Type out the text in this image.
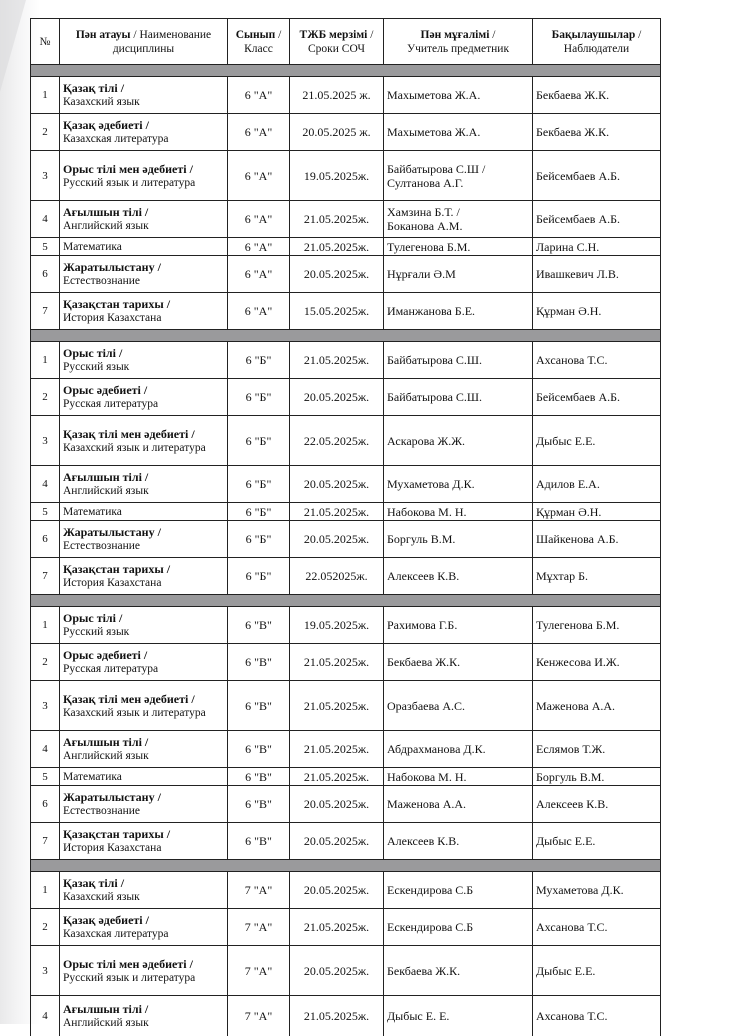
№	Пән атауы / Наименование дисциплины	Сынып /
Класс	ТЖБ мерзімі /
Сроки СОЧ	Пән мұғалімі /
Учитель предметник	Бақылаушылар /
Наблюдатели

1	Қазақ тілі /
Казахский язык	6 "А"	21.05.2025 ж.	Махыметова Ж.А.	Бекбаева Ж.К.
2	Қазақ әдебиеті /
Казахская литература	6 "А"	20.05.2025 ж.	Махыметова Ж.А.	Бекбаева Ж.К.
3	Орыс тілі мен әдебиеті /
Русский язык и литература	6 "А"	19.05.2025ж.	Байбатырова С.Ш /
Султанова А.Г.	Бейсембаев А.Б.
4	Ағылшын тілі /
Английский язык	6 "А"	21.05.2025ж.	Хамзина Б.Т. /
Боканова А.М.	Бейсембаев А.Б.
5	Математика	6 "А"	21.05.2025ж.	Тулегенова Б.М.	Ларина С.Н.
6	Жаратылыстану /
Естествознание	6 "А"	20.05.2025ж.	Нұрғали Ә.М	Ивашкевич Л.В.
7	Қазақстан тарихы /
История Казахстана	6 "А"	15.05.2025ж.	Иманжанова Б.Е.	Құрман Ә.Н.

1	Орыс тілі /
Русский язык	6 "Б"	21.05.2025ж.	Байбатырова С.Ш.	Ахсанова Т.С.
2	Орыс әдебиеті /
Русская литература	6 "Б"	20.05.2025ж.	Байбатырова С.Ш.	Бейсембаев А.Б.
3	Қазақ тілі мен әдебиеті /
Казахский язык и литература	6 "Б"	22.05.2025ж.	Аскарова Ж.Ж.	Дыбыс Е.Е.
4	Ағылшын тілі /
Английский язык	6 "Б"	20.05.2025ж.	Мухаметова Д.К.	Адилов Е.А.
5	Математика	6 "Б"	21.05.2025ж.	Набокова М. Н.	Құрман Ә.Н.
6	Жаратылыстану /
Естествознание	6 "Б"	20.05.2025ж.	Боргуль В.М.	Шайкенова А.Б.
7	Қазақстан тарихы /
История Казахстана	6 "Б"	22.052025ж.	Алексеев К.В.	Мұхтар Б.

1	Орыс тілі /
Русский язык	6 "В"	19.05.2025ж.	Рахимова Г.Б.	Тулегенова Б.М.
2	Орыс әдебиеті /
Русская литература	6 "В"	21.05.2025ж.	Бекбаева Ж.К.	Кенжесова И.Ж.
3	Қазақ тілі мен әдебиеті /
Казахский язык и литература	6 "В"	21.05.2025ж.	Оразбаева А.С.	Маженова А.А.
4	Ағылшын тілі /
Английский язык	6 "В"	21.05.2025ж.	Абдрахманова Д.К.	Еслямов Т.Ж.
5	Математика	6 "В"	21.05.2025ж.	Набокова М. Н.	Боргуль В.М.
6	Жаратылыстану /
Естествознание	6 "В"	20.05.2025ж.	Маженова А.А.	Алексеев К.В.
7	Қазақстан тарихы /
История Казахстана	6 "В"	20.05.2025ж.	Алексеев К.В.	Дыбыс Е.Е.

1	Қазақ тілі /
Казахский язык	7 "А"	20.05.2025ж.	Ескендирова С.Б	Мухаметова Д.К.
2	Қазақ әдебиеті /
Казахская литература	7 "А"	21.05.2025ж.	Ескендирова С.Б	Ахсанова Т.С.
3	Орыс тілі мен әдебиеті /
Русский язык и литература	7 "А"	20.05.2025ж.	Бекбаева Ж.К.	Дыбыс Е.Е.
4	Ағылшын тілі /
Английский язык	7 "А"	21.05.2025ж.	Дыбыс Е. Е.	Ахсанова Т.С.
